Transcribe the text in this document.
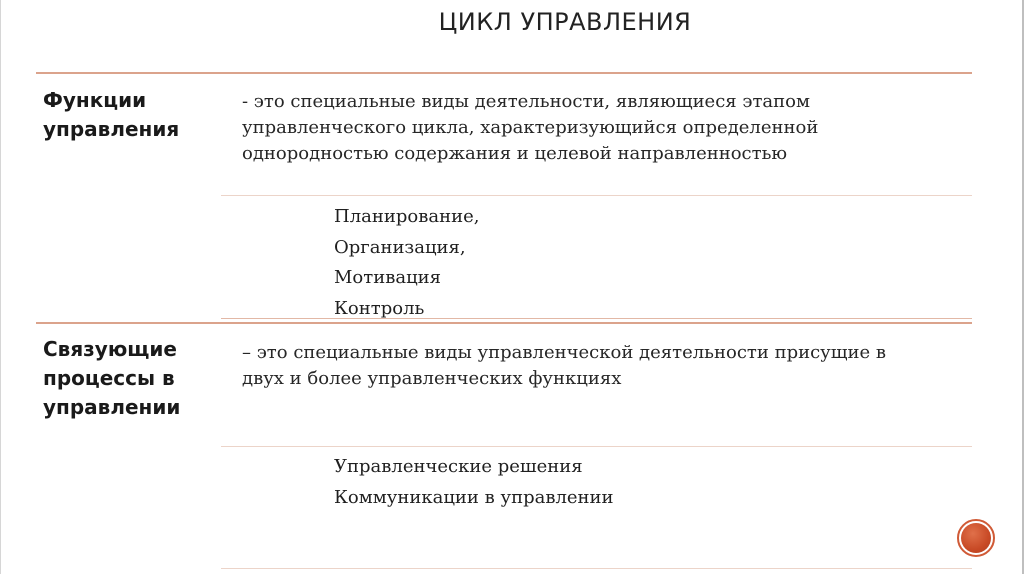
ЦИКЛ УПРАВЛЕНИЯ
Функции
управления
- это специальные виды деятельности, являющиеся этапом управленческого цикла, характеризующийся определенной однородностью содержания и целевой направленностью
Планирование,
Организация,
Мотивация
Контроль
Связующие
процессы в
управлении
– это специальные виды управленческой деятельности присущие в двух и более управленческих функциях
Управленческие решения
Коммуникации в управлении
